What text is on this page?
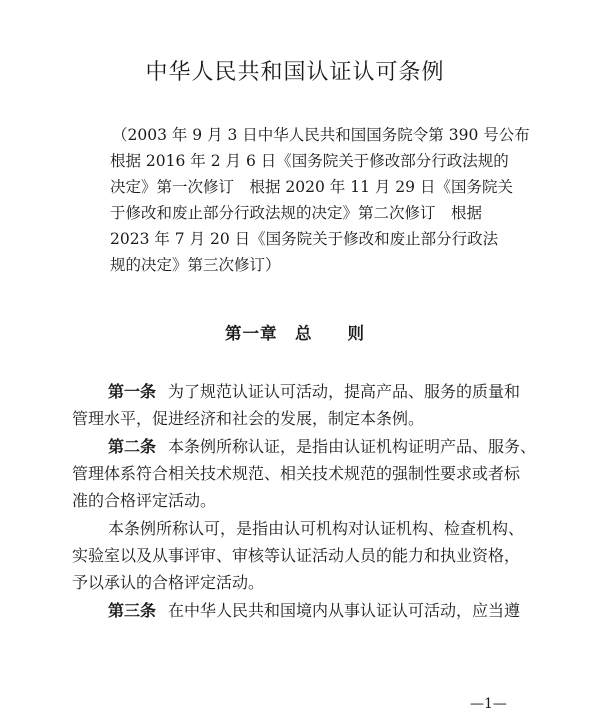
中华人民共和国认证认可条例
（2003 年 9 月 3 日中华人民共和国国务院令第 390 号公布
根据 2016 年 2 月 6 日《国务院关于修改部分行政法规的
决定》第一次修订　根据 2020 年 11 月 29 日《国务院关
于修改和废止部分行政法规的决定》第二次修订　根据
2023 年 7 月 20 日《国务院关于修改和废止部分行政法
规的决定》第三次修订）
第一章　总　　则
第一条 为了规范认证认可活动，提高产品、服务的质量和
管理水平，促进经济和社会的发展，制定本条例。
第二条 本条例所称认证，是指由认证机构证明产品、服务、
管理体系符合相关技术规范、相关技术规范的强制性要求或者标
准的合格评定活动。
本条例所称认可，是指由认可机构对认证机构、检查机构、
实验室以及从事评审、审核等认证活动人员的能力和执业资格，
予以承认的合格评定活动。
第三条 在中华人民共和国境内从事认证认可活动，应当遵
—1—
